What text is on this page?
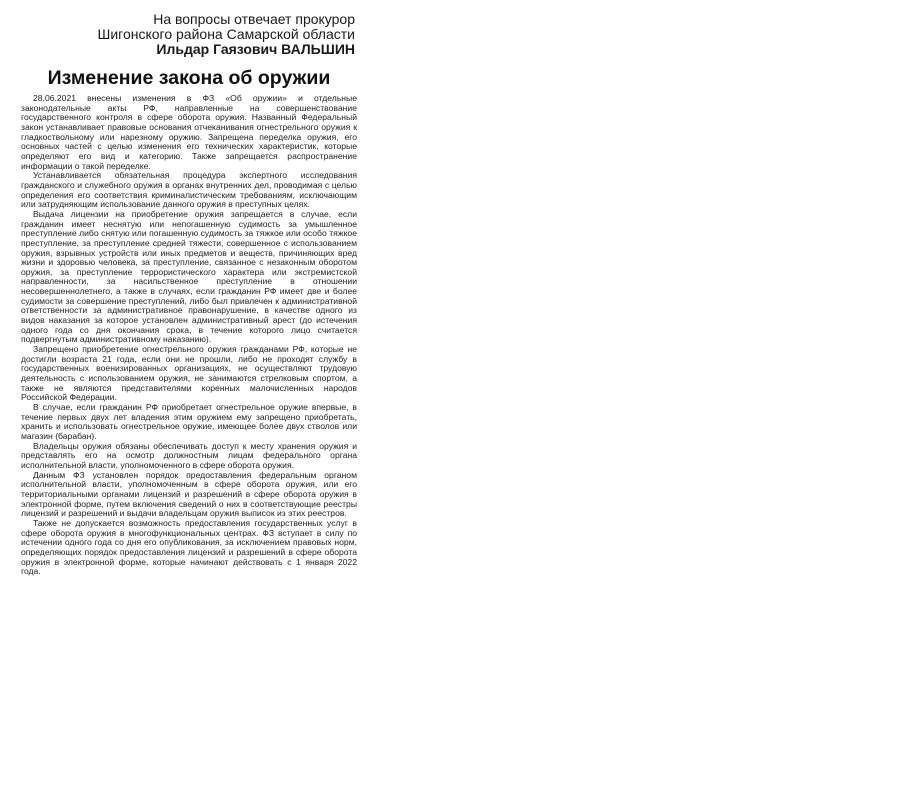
На вопросы отвечает прокурор
Шигонского района Самарской области
Ильдар Гаязович ВАЛЬШИН
Изменение закона об оружии

28.06.2021 внесены изменения в ФЗ «Об оружии» и отдельные законодательные акты РФ, направленные на совершенствование государственного контроля в сфере оборота оружия. Названный Федеральный закон устанавливает правовые основания отчеканивания огнестрельного оружия к гладкоствольному или нарезному оружию. Запрещена переделка оружия, его основных частей с целью изменения его технических характеристик, которые определяют его вид и категорию. Также запрещается распространение информации о такой переделке.

Устанавливается обязательная процедура экспертного исследования гражданского и служебного оружия в органах внутренних дел, проводимая с целью определения его соответствия криминалистическим требованиям, исключающим или затрудняющим использование данного оружия в преступных целях.

Выдача лицензии на приобретение оружия запрещается в случае, если гражданин имеет неснятую или непогашенную судимость за умышленное преступление либо снятую или погашенную судимость за тяжкое или особо тяжкое преступление, за преступление средней тяжести, совершенное с использованием оружия, взрывных устройств или иных предметов и веществ, причиняющих вред жизни и здоровью человека, за преступление, связанное с незаконным оборотом оружия, за преступление террористического характера или экстремистской направленности, за насильственное преступление в отношении несовершеннолетнего, а также в случаях, если гражданин РФ имеет две и более судимости за совершение преступлений, либо был привлечен к административной ответственности за административное правонарушение, в качестве одного из видов наказания за которое установлен административный арест (до истечения одного года со дня окончания срока, в течение которого лицо считается подвергнутым административному наказанию).

Запрещено приобретение огнестрельного оружия гражданами РФ, которые не достигли возраста 21 года, если они не прошли, либо не проходят службу в государственных военизированных организациях, не осуществляют трудовую деятельность с использованием оружия, не занимаются стрелковым спортом, а также не являются представителями коренных малочисленных народов Российской Федерации.

В случае, если гражданин РФ приобретает огнестрельное оружие впервые, в течение первых двух лет владения этим оружием ему запрещено приобретать, хранить и использовать огнестрельное оружие, имеющее более двух стволов или магазин (барабан).

Владельцы оружия обязаны обеспечивать доступ к месту хранения оружия и представлять его на осмотр должностным лицам федерального органа исполнительной власти, уполномоченного в сфере оборота оружия.

Данным ФЗ установлен порядок предоставления федеральным органом исполнительной власти, уполномоченным в сфере оборота оружия, или его территориальными органами лицензий и разрешений в сфере оборота оружия в электронной форме, путем включения сведений о них в соответствующие реестры лицензий и разрешений и выдачи владельцам оружия выписок из этих реестров.

Также не допускается возможность предоставления государственных услуг в сфере оборота оружия в многофункциональных центрах. ФЗ вступает в силу по истечении одного года со дня его опубликования, за исключением правовых норм, определяющих порядок предоставления лицензий и разрешений в сфере оборота оружия в электронной форме, которые начинают действовать с 1 января 2022 года.
